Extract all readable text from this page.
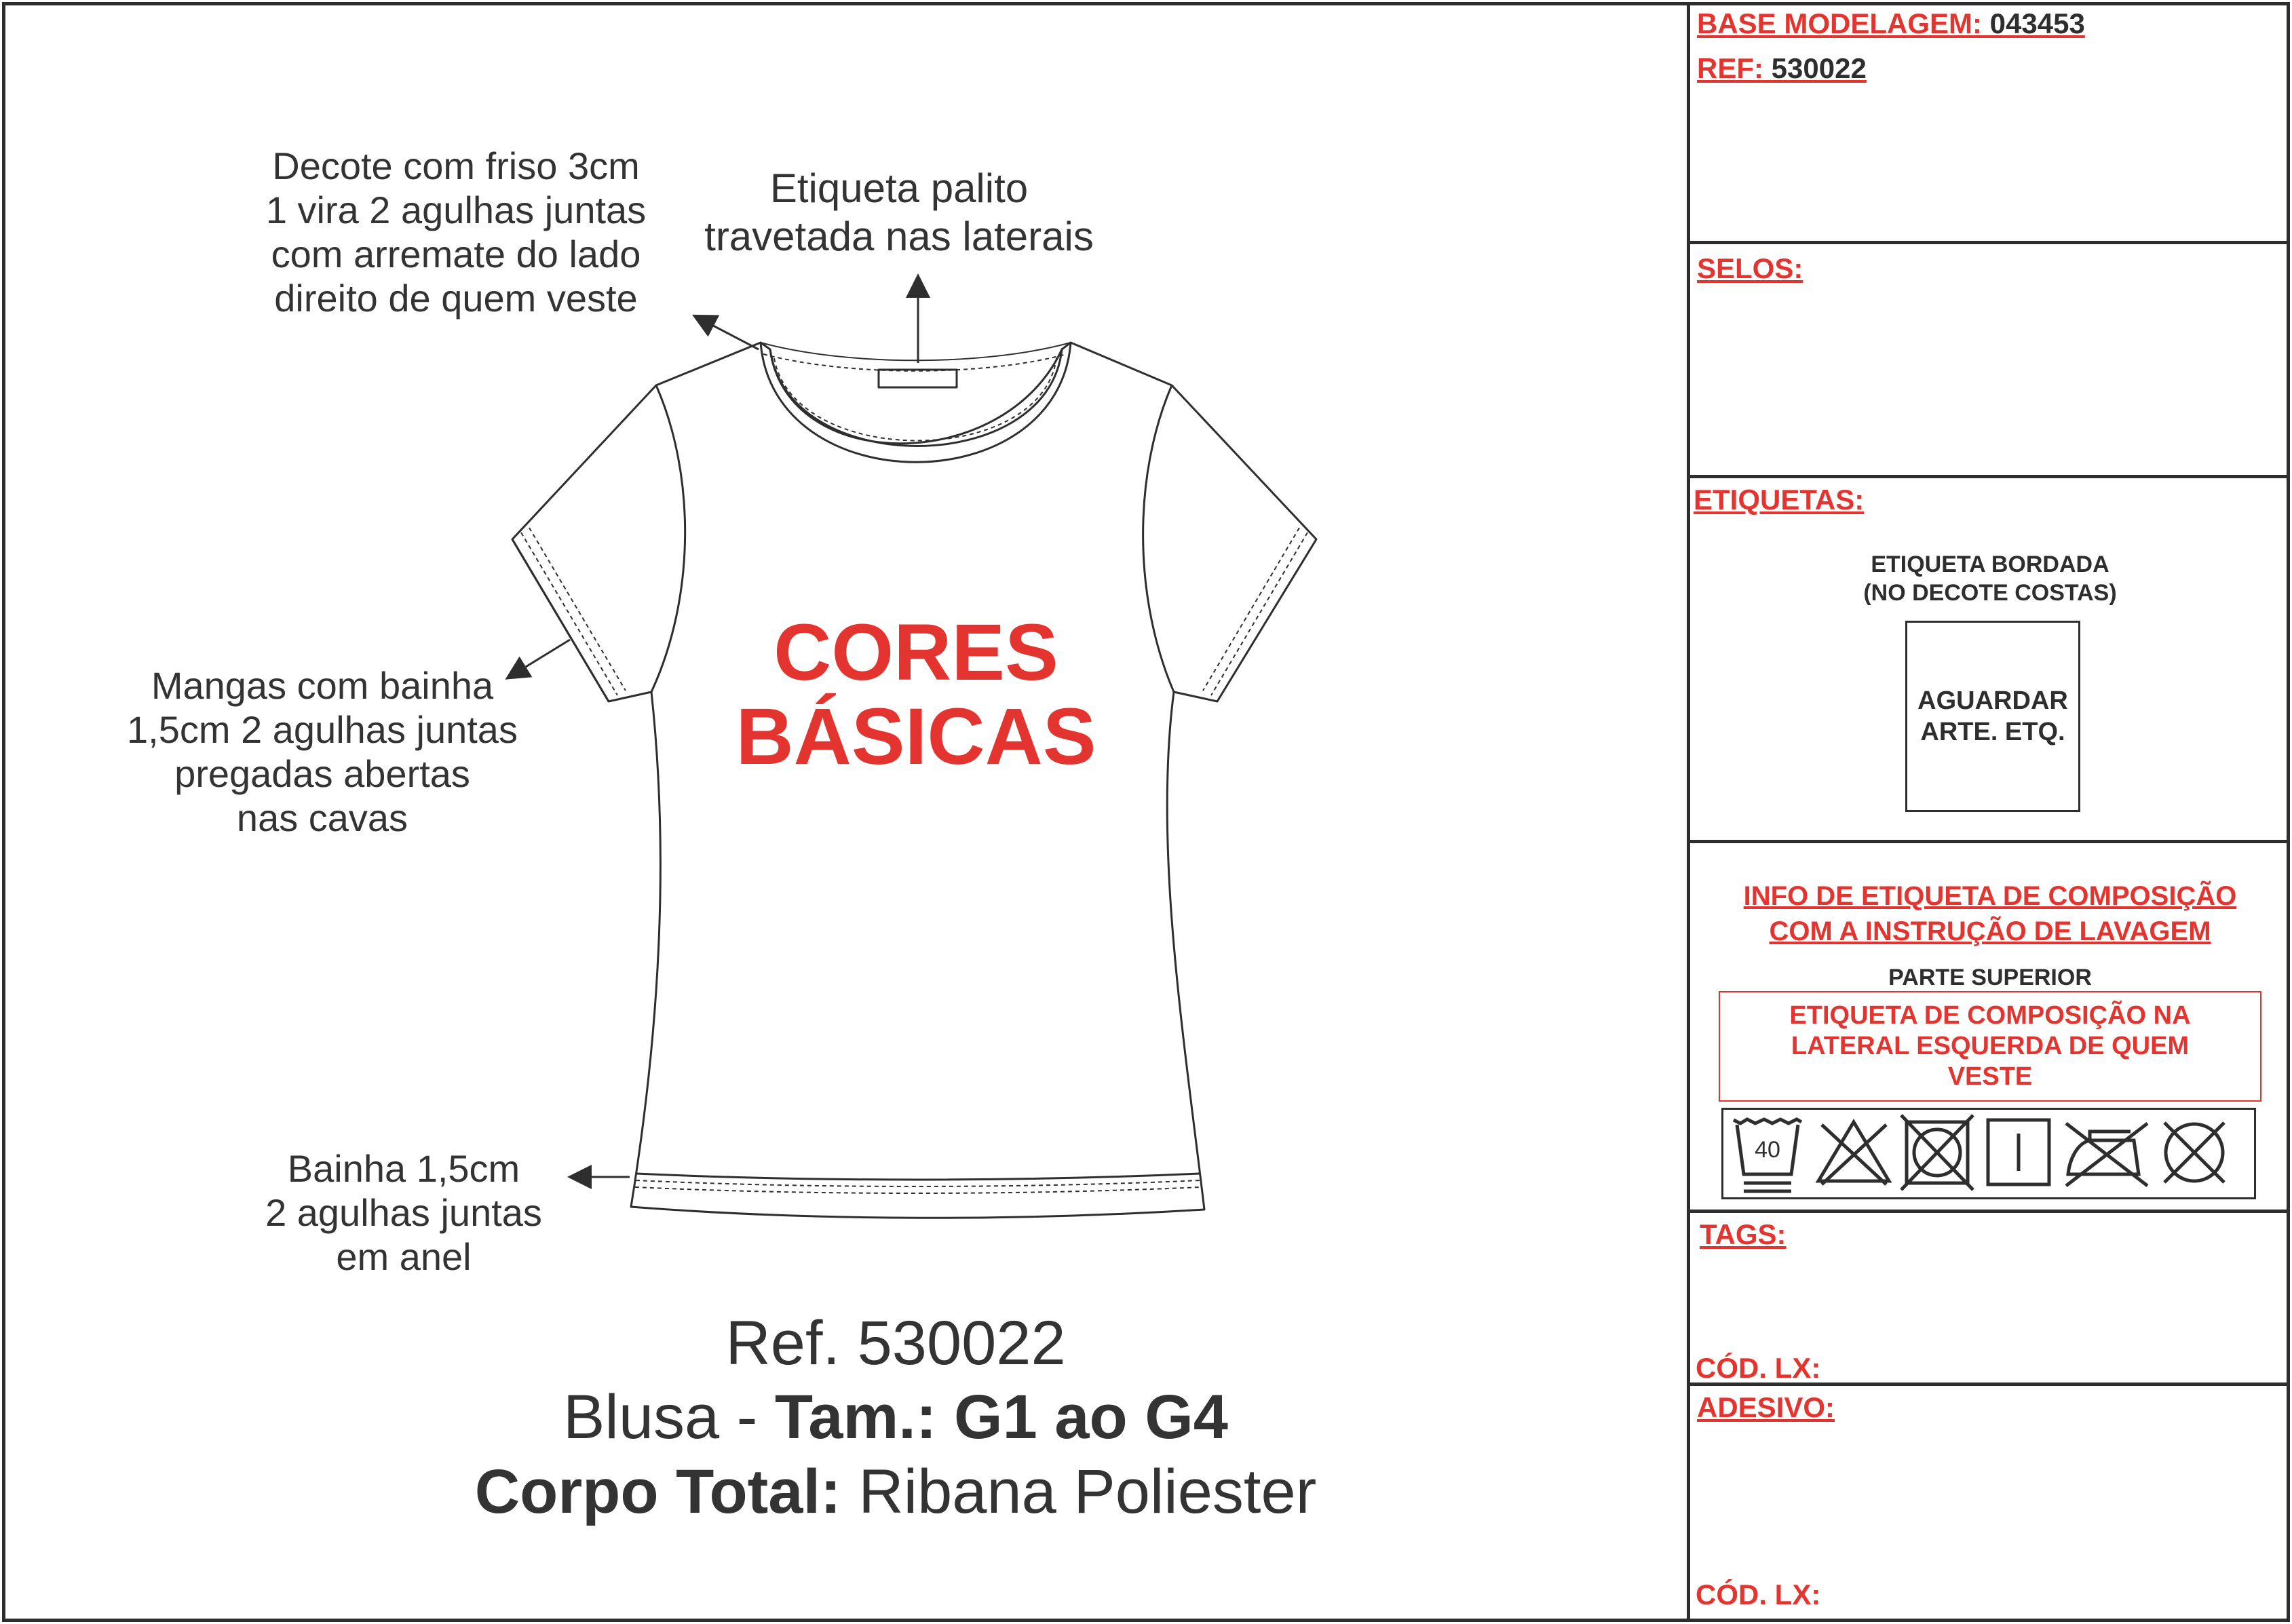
Decote com friso 3cm
1 vira 2 agulhas juntas
com arremate do lado
direito de quem veste
Etiqueta palito
travetada nas laterais
Mangas com bainha
1,5cm 2 agulhas juntas
pregadas abertas
nas cavas
Bainha 1,5cm
2 agulhas juntas
em anel
CORES
BÁSICAS
Ref. 530022
Blusa - Tam.: G1 ao G4
Corpo Total: Ribana Poliester
BASE MODELAGEM: 043453
REF: 530022
SELOS:
ETIQUETAS:
ETIQUETA BORDADA
(NO DECOTE COSTAS)
AGUARDAR
ARTE. ETQ.
INFO DE ETIQUETA DE COMPOSIÇÃO
COM A INSTRUÇÃO DE LAVAGEM
PARTE SUPERIOR
ETIQUETA DE COMPOSIÇÃO NA
LATERAL ESQUERDA DE QUEM
VESTE
40
TAGS:
CÓD. LX:
ADESIVO:
CÓD. LX:
